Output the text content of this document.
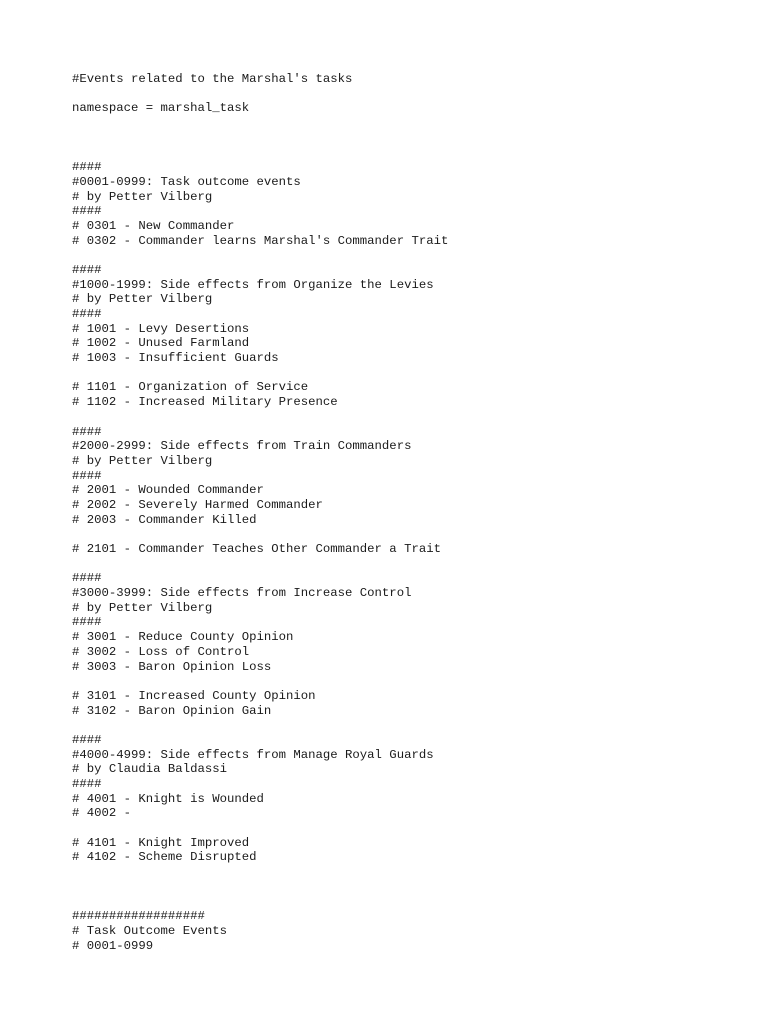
#Events related to the Marshal's tasks
namespace = marshal_task
####
#0001-0999: Task outcome events
# by Petter Vilberg
####
# 0301 - New Commander
# 0302 - Commander learns Marshal's Commander Trait
####
#1000-1999: Side effects from Organize the Levies
# by Petter Vilberg
####
# 1001 - Levy Desertions
# 1002 - Unused Farmland
# 1003 - Insufficient Guards
# 1101 - Organization of Service
# 1102 - Increased Military Presence
####
#2000-2999: Side effects from Train Commanders
# by Petter Vilberg
####
# 2001 - Wounded Commander
# 2002 - Severely Harmed Commander
# 2003 - Commander Killed
# 2101 - Commander Teaches Other Commander a Trait
####
#3000-3999: Side effects from Increase Control
# by Petter Vilberg
####
# 3001 - Reduce County Opinion
# 3002 - Loss of Control
# 3003 - Baron Opinion Loss
# 3101 - Increased County Opinion
# 3102 - Baron Opinion Gain
####
#4000-4999: Side effects from Manage Royal Guards
# by Claudia Baldassi
####
# 4001 - Knight is Wounded
# 4002 -
# 4101 - Knight Improved
# 4102 - Scheme Disrupted
##################
# Task Outcome Events
# 0001-0999
